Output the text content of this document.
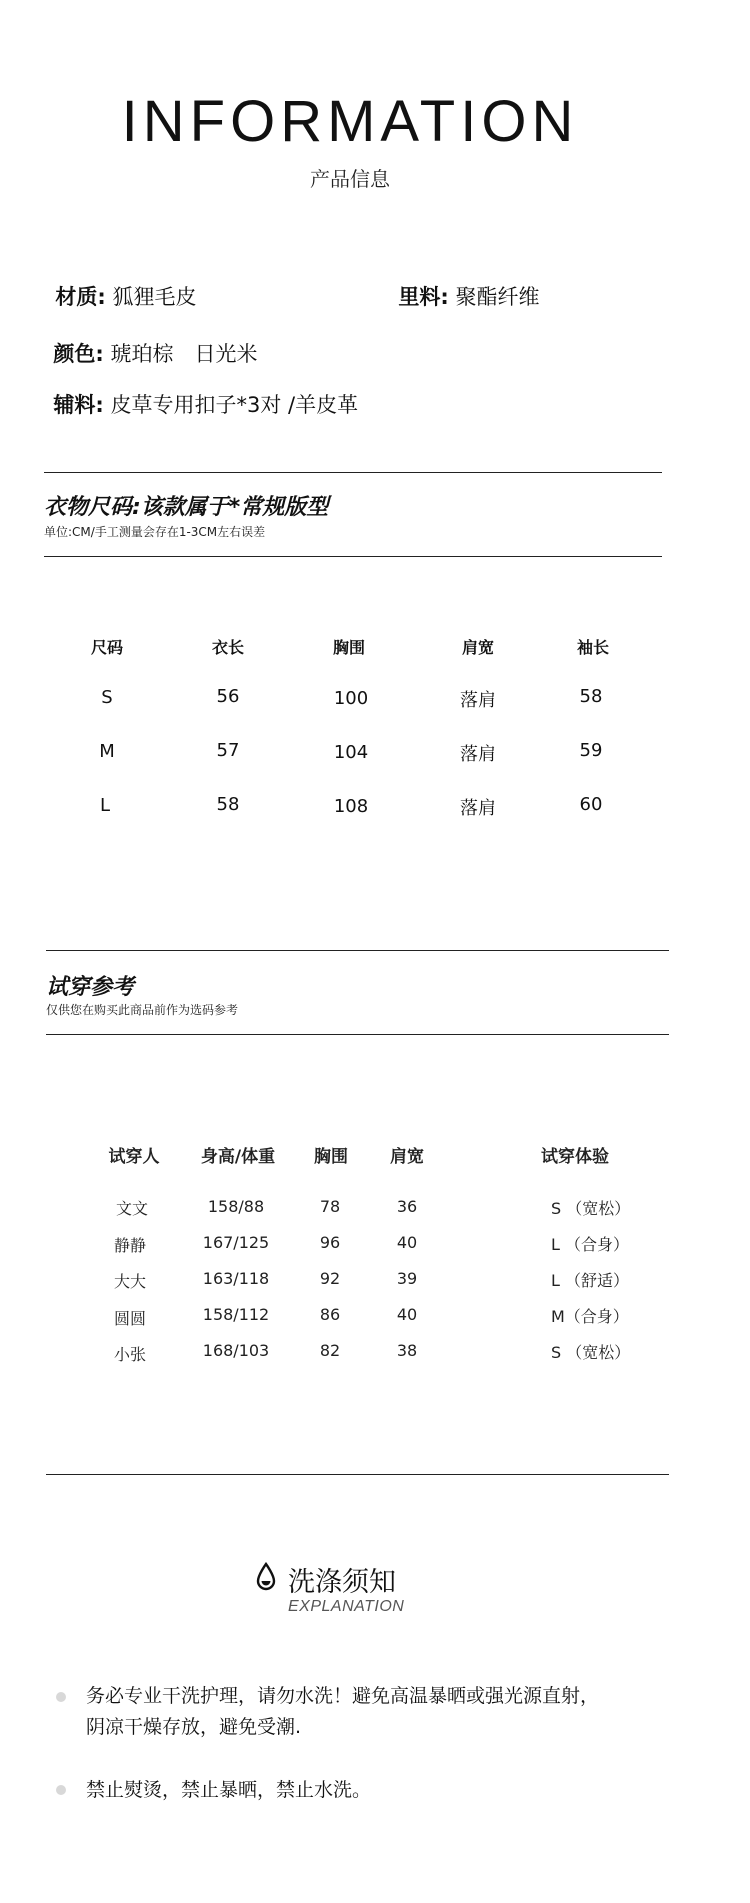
INFORMATION
产品信息

材质: 狐狸毛皮	里料: 聚酯纤维

颜色: 琥珀棕　日光米

辅料: 皮草专用扣子*3对 /羊皮革

衣物尺码:该款属于*常规版型
单位:CM/手工测量会存在1-3CM左右误差
尺码	衣长	胸围	肩宽	袖长
S	56	100	落肩	58
M	57	104	落肩	59
L	58	108	落肩	60
试穿参考
仅供您在购买此商品前作为选码参考
试穿人	身高/体重	胸围	肩宽	试穿体验
文文	158/88	78	36	S （宽松）
静静	167/125	96	40	L （合身）
大大	163/118	92	39	L （舒适）
圆圆	158/112	86	40	M（合身）
小张	168/103	82	38	S （宽松）
洗涤须知
EXPLANATION
务必专业干洗护理，请勿水洗！避免高温暴晒或强光源直射，
阴凉干燥存放，避免受潮.
禁止熨烫，禁止暴晒，禁止水洗。
